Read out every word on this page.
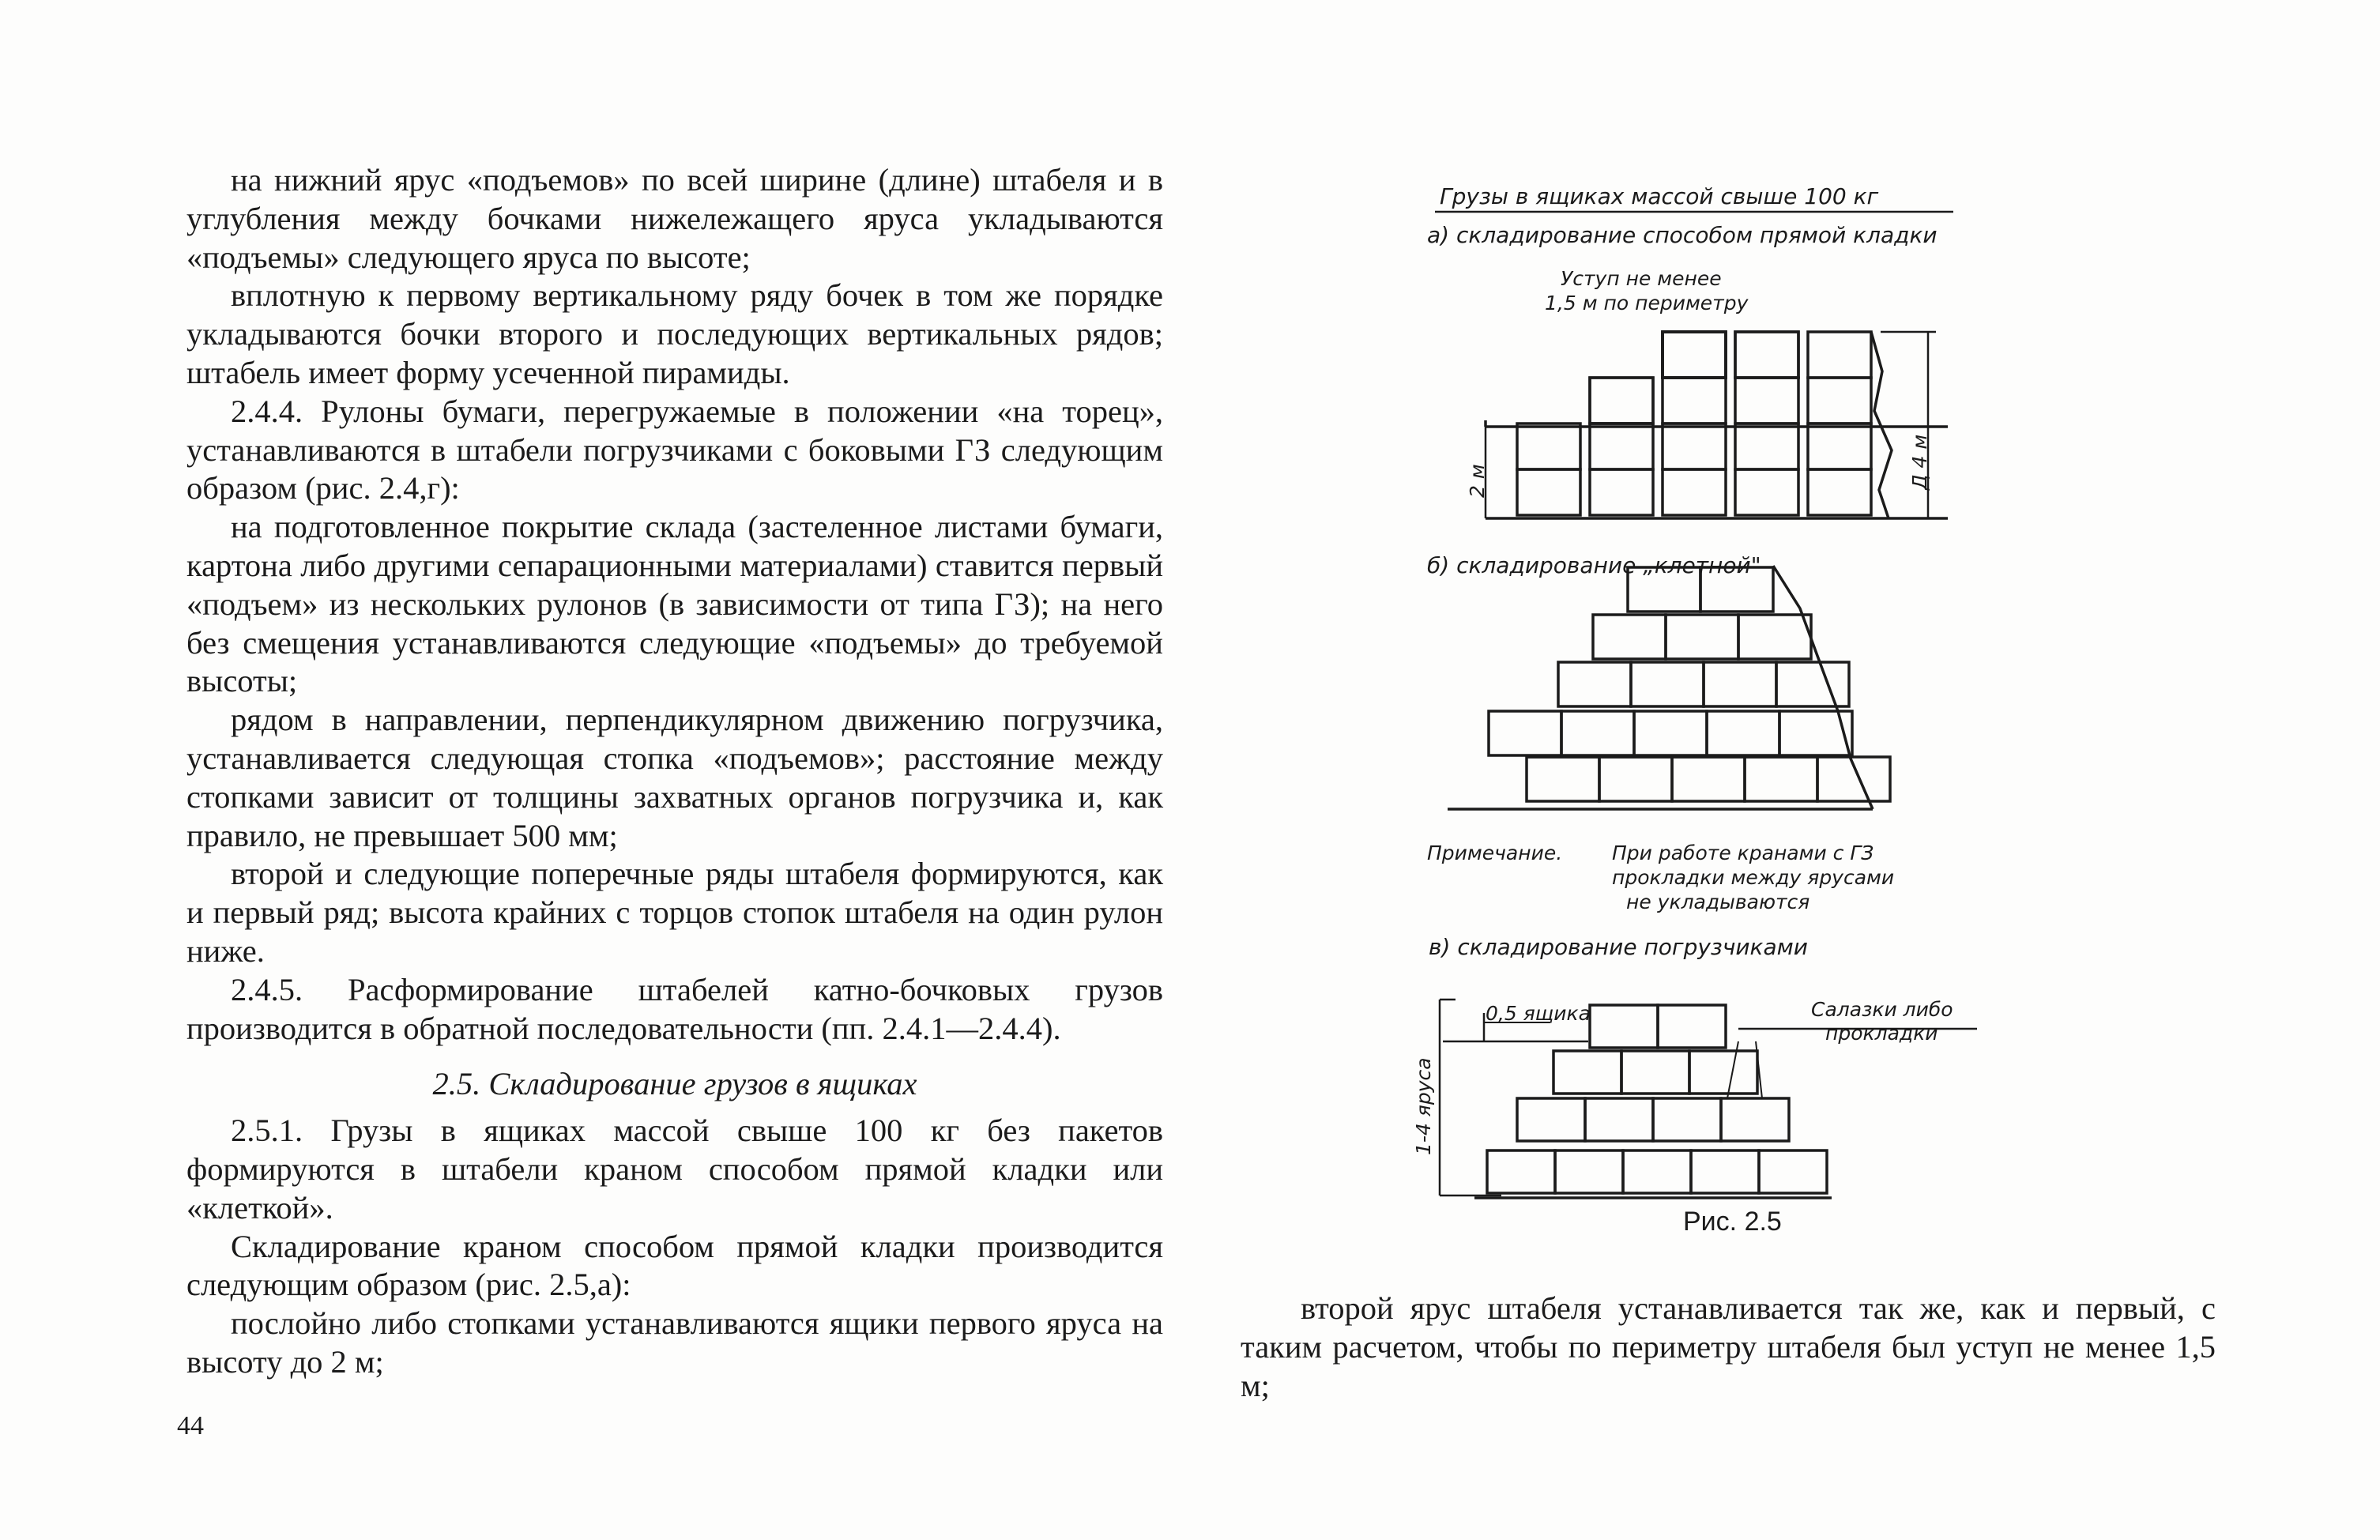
на нижний ярус «подъемов» по всей ширине (длине) штабеля и в углубления между бочками нижележащего яруса укладываются «подъемы» следующего яруса по высоте;

вплотную к первому вертикальному ряду бочек в том же порядке укладываются бочки второго и последующих вертикальных рядов; штабель имеет форму усеченной пирамиды.

2.4.4. Рулоны бумаги, перегружаемые в положении «на торец», устанавливаются в штабели погрузчиками с боковыми ГЗ следующим образом (рис. 2.4,г):

на подготовленное покрытие склада (застеленное листами бумаги, картона либо другими сепарационными материалами) ставится первый «подъем» из нескольких рулонов (в зависимости от типа ГЗ); на него без смещения устанавливаются следующие «подъемы» до требуемой высоты;

рядом в направлении, перпендикулярном движению погрузчика, устанавливается следующая стопка «подъемов»; расстояние между стопками зависит от толщины захватных органов погрузчика и, как правило, не превышает 500 мм;

второй и следующие поперечные ряды штабеля формируются, как и первый ряд; высота крайних с торцов стопок штабеля на один рулон ниже.

2.4.5. Расформирование штабелей катно-бочковых грузов производится в обратной последовательности (пп. 2.4.1—2.4.4).

2.5. Складирование грузов в ящиках

2.5.1. Грузы в ящиках массой свыше 100 кг без пакетов формируются в штабели краном способом прямой кладки или «клеткой».

Складирование краном способом прямой кладки производится следующим образом (рис. 2.5,а):

послойно либо стопками устанавливаются ящики первого яруса на высоту до 2 м;

44
Грузы в ящиках массой свыше 100 кг
а) складирование способом прямой кладки
Уступ не менее
1,5 м по периметру
2 м	Д 4 м
б) складирование „клетной"
Примечание.	При работе кранами с ГЗ
прокладки между ярусами
не укладываются
в) складирование погрузчиками
0,5 ящика	Салазки либо
прокладки
1-4 яруса
Рис. 2.5

второй ярус штабеля устанавливается так же, как и первый, с таким расчетом, чтобы по периметру штабеля был уступ не менее 1,5 м;
